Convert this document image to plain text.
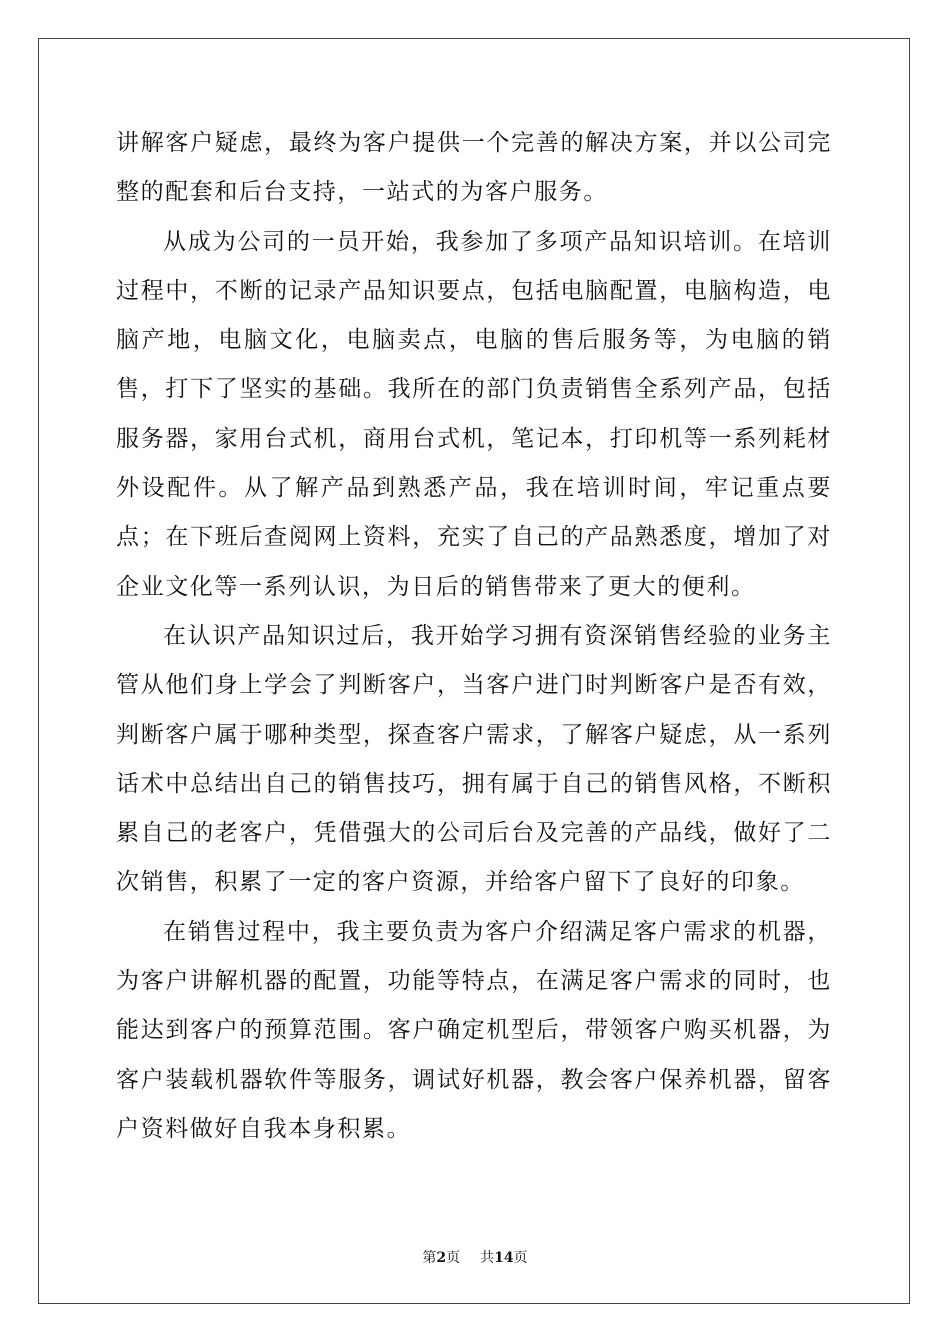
讲解客户疑虑，最终为客户提供一个完善的解决方案，并以公司完整的配套和后台支持，一站式的为客户服务。

从成为公司的一员开始，我参加了多项产品知识培训。在培训过程中，不断的记录产品知识要点，包括电脑配置，电脑构造，电脑产地，电脑文化，电脑卖点，电脑的售后服务等，为电脑的销售，打下了坚实的基础。我所在的部门负责销售全系列产品，包括服务器，家用台式机，商用台式机，笔记本，打印机等一系列耗材外设配件。从了解产品到熟悉产品，我在培训时间，牢记重点要点；在下班后查阅网上资料，充实了自己的产品熟悉度，增加了对企业文化等一系列认识，为日后的销售带来了更大的便利。

在认识产品知识过后，我开始学习拥有资深销售经验的业务主管从他们身上学会了判断客户，当客户进门时判断客户是否有效，判断客户属于哪种类型，探查客户需求，了解客户疑虑，从一系列话术中总结出自己的销售技巧，拥有属于自己的销售风格，不断积累自己的老客户，凭借强大的公司后台及完善的产品线，做好了二次销售，积累了一定的客户资源，并给客户留下了良好的印象。

在销售过程中，我主要负责为客户介绍满足客户需求的机器，为客户讲解机器的配置，功能等特点，在满足客户需求的同时，也能达到客户的预算范围。客户确定机型后，带领客户购买机器，为客户装载机器软件等服务，调试好机器，教会客户保养机器，留客户资料做好自我本身积累。

第2页 共14页
